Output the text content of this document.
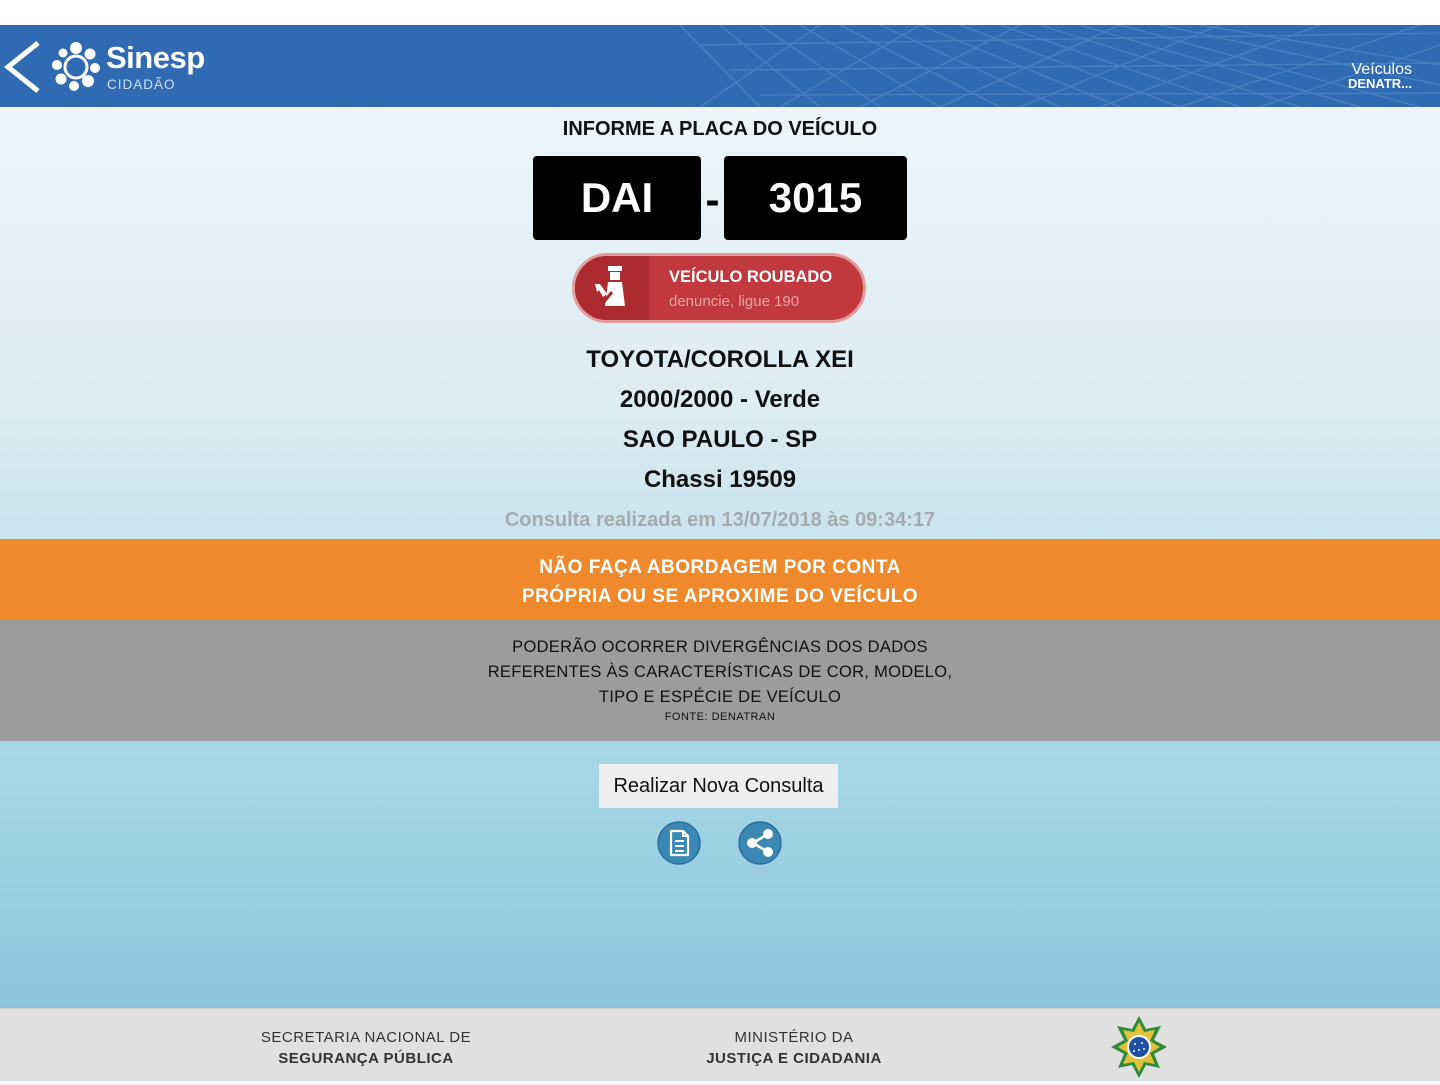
Sinesp
CIDADÃO
Veículos
DENATR...
INFORME A PLACA DO VEÍCULO
DAI	-	3015
VEÍCULO ROUBADO
denuncie, ligue 190
TOYOTA/COROLLA XEI
2000/2000 - Verde
SAO PAULO - SP
Chassi 19509
Consulta realizada em 13/07/2018 às 09:34:17
NÃO FAÇA ABORDAGEM POR CONTA
PRÓPRIA OU SE APROXIME DO VEÍCULO
PODERÃO OCORRER DIVERGÊNCIAS DOS DADOS
REFERENTES ÀS CARACTERÍSTICAS DE COR, MODELO,
TIPO E ESPÉCIE DE VEÍCULO
FONTE: DENATRAN
Realizar Nova Consulta
SECRETARIA NACIONAL DE
SEGURANÇA PÚBLICA
MINISTÉRIO DA
JUSTIÇA E CIDADANIA
